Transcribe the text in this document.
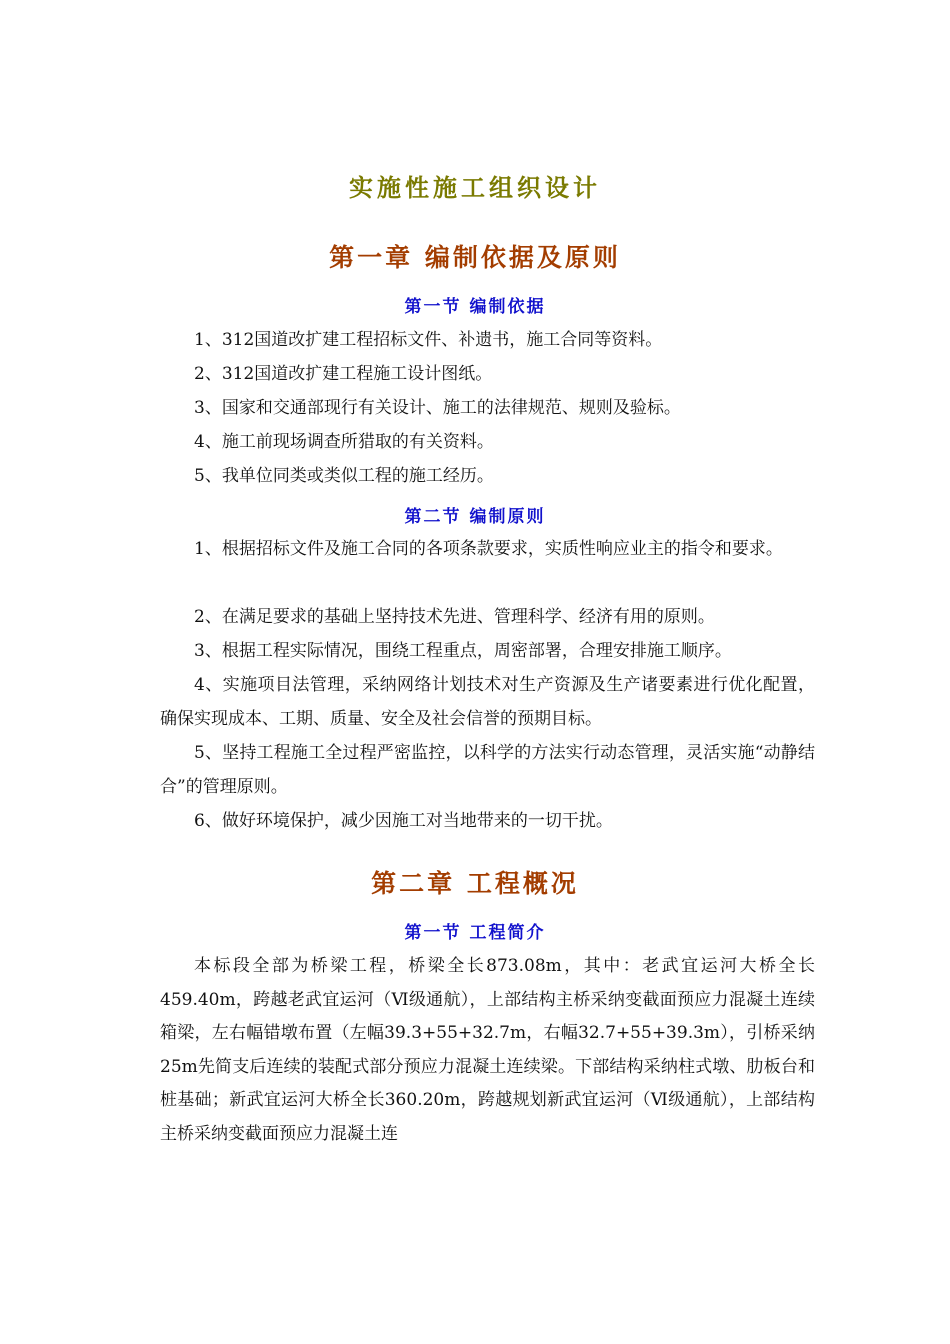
实施性施工组织设计
第一章 编制依据及原则
第一节 编制依据

1、312国道改扩建工程招标文件、补遗书，施工合同等资料。

2、312国道改扩建工程施工设计图纸。

3、国家和交通部现行有关设计、施工的法律规范、规则及验标。

4、施工前现场调查所猎取的有关资料。

5、我单位同类或类似工程的施工经历。

第二节 编制原则

1、根据招标文件及施工合同的各项条款要求，实质性响应业主的指令和要求。

2、在满足要求的基础上坚持技术先进、管理科学、经济有用的原则。

3、根据工程实际情况，围绕工程重点，周密部署，合理安排施工顺序。

4、实施项目法管理，采纳网络计划技术对生产资源及生产诸要素进行优化配置，确保实现成本、工期、质量、安全及社会信誉的预期目标。

5、坚持工程施工全过程严密监控，以科学的方法实行动态管理，灵活实施“动静结合”的管理原则。

6、做好环境保护，减少因施工对当地带来的一切干扰。

第二章 工程概况
第一节 工程简介

本标段全部为桥梁工程，桥梁全长873.08m，其中：老武宜运河大桥全长459.40m，跨越老武宜运河（Ⅵ级通航），上部结构主桥采纳变截面预应力混凝土连续箱梁，左右幅错墩布置（左幅39.3+55+32.7m，右幅32.7+55+39.3m），引桥采纳25m先简支后连续的装配式部分预应力混凝土连续梁。下部结构采纳柱式墩、肋板台和桩基础；新武宜运河大桥全长360.20m，跨越规划新武宜运河（Ⅵ级通航），上部结构主桥采纳变截面预应力混凝土连
